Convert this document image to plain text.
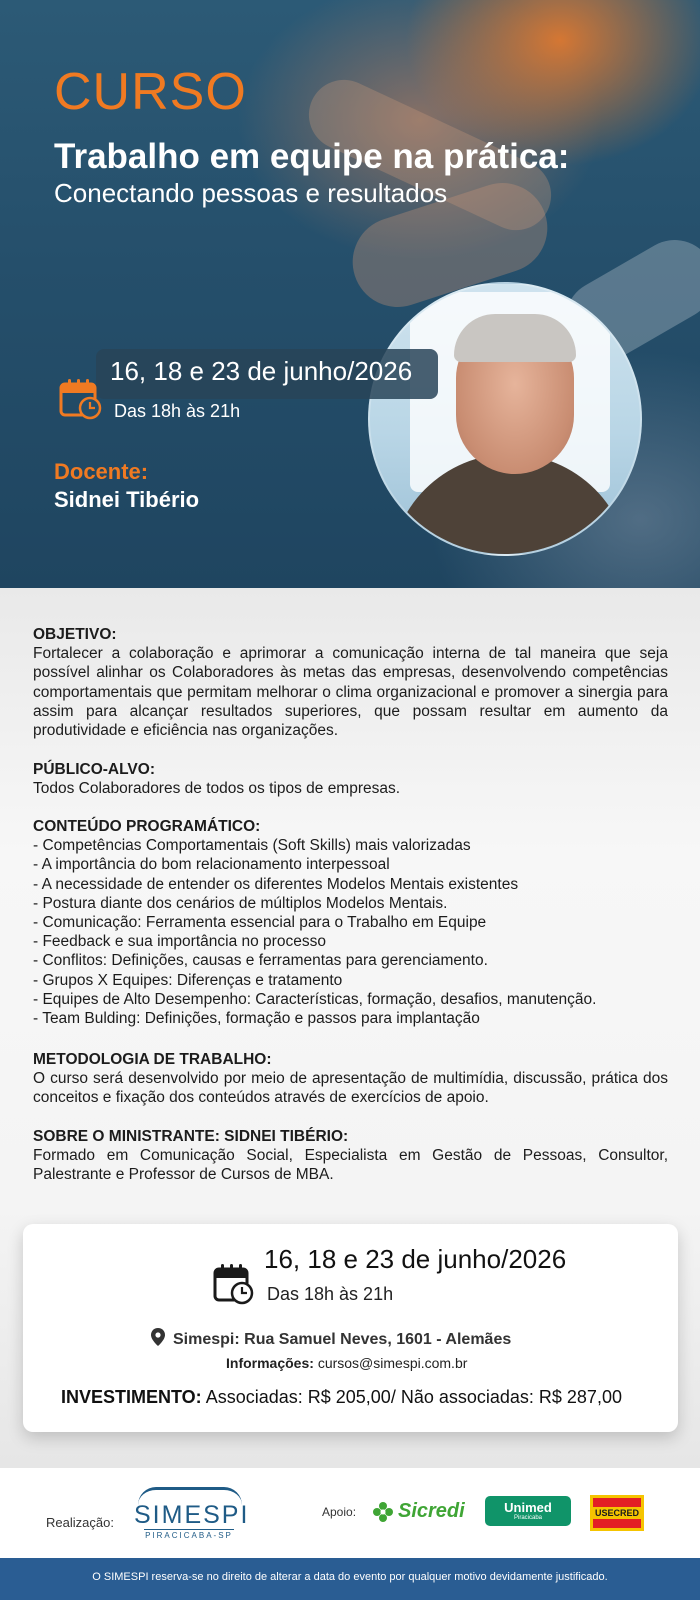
CURSO
Trabalho em equipe na prática:
Conectando pessoas e resultados
16, 18 e 23 de junho/2026
Das 18h às 21h
Docente:
Sidnei Tibério
OBJETIVO:
Fortalecer a colaboração e aprimorar a comunicação interna de tal maneira que seja possível alinhar os Colaboradores às metas das empresas, desenvolvendo competências comportamentais que permitam melhorar o clima organizacional e promover a sinergia para assim para alcançar resultados superiores, que possam resultar em aumento da produtividade e eficiência nas organizações.
PÚBLICO-ALVO:
Todos Colaboradores de todos os tipos de empresas.
CONTEÚDO PROGRAMÁTICO:
- Competências Comportamentais (Soft Skills) mais valorizadas
- A importância do bom relacionamento interpessoal
- A necessidade de entender os diferentes Modelos Mentais existentes
- Postura diante dos cenários de múltiplos Modelos Mentais.
- Comunicação: Ferramenta essencial para o Trabalho em Equipe
- Feedback e sua importância no processo
- Conflitos: Definições, causas e ferramentas para gerenciamento.
- Grupos X Equipes: Diferenças e tratamento
- Equipes de Alto Desempenho: Características, formação, desafios, manutenção.
- Team Bulding: Definições, formação e passos para implantação
METODOLOGIA DE TRABALHO:
O curso será desenvolvido por meio de apresentação de multimídia, discussão, prática dos conceitos e fixação dos conteúdos através de exercícios de apoio.
SOBRE O MINISTRANTE: SIDNEI TIBÉRIO:
Formado em Comunicação Social, Especialista em Gestão de Pessoas, Consultor, Palestrante e Professor de Cursos de MBA.
16, 18 e 23 de junho/2026
Das 18h às 21h
Simespi: Rua Samuel Neves, 1601 - Alemães
Informações: cursos@simespi.com.br
INVESTIMENTO: Associadas: R$ 205,00/ Não associadas: R$ 287,00
Realização: SIMESPI
PIRACICABA-SP
Apoio: Sicredi	Unimed
Piracicaba	USECRED
O SIMESPI reserva-se no direito de alterar a data do evento por qualquer motivo devidamente justificado.
